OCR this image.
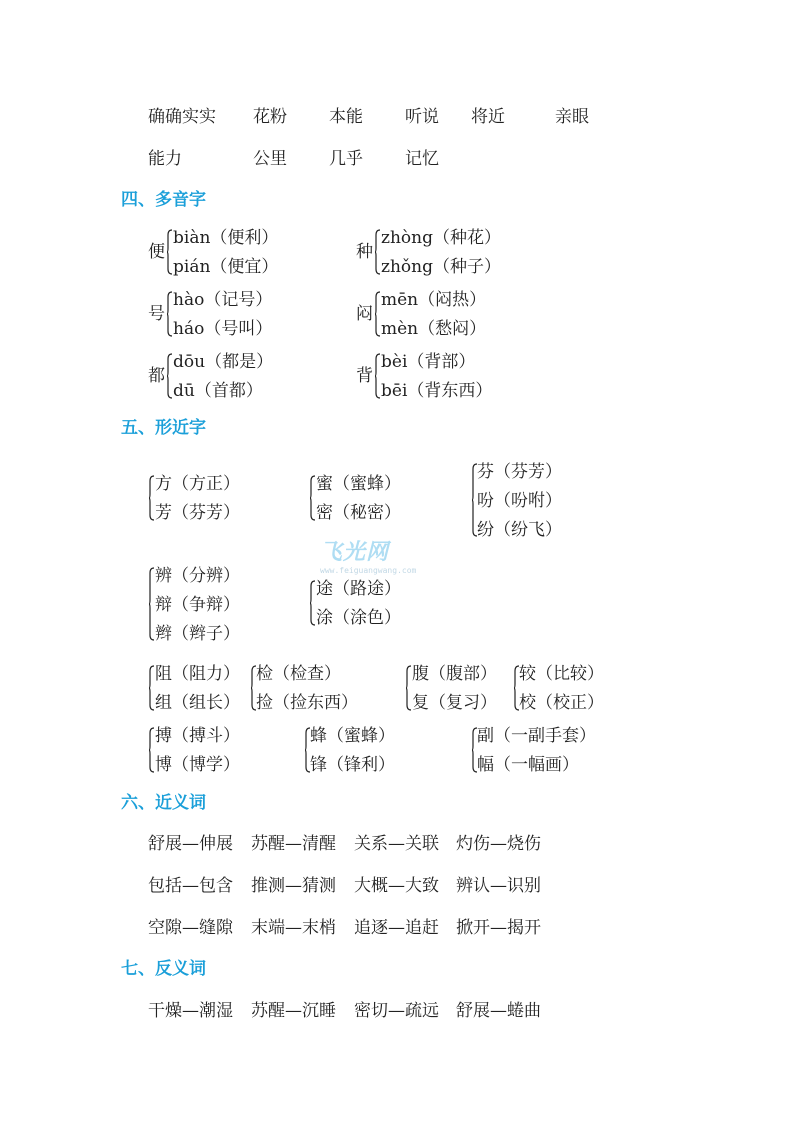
确确实实 花粉 本能 听说 将近	亲眼
能力	公里 几乎 记忆
四、多音字
便
biàn（便利）
pián（便宜）
种
zhòng（种花）
zhǒng（种子）
号
hào（记号）
háo（号叫）
闷
mēn（闷热）
mèn（愁闷）
都
dōu（都是）
dū（首都）
背
bèi（背部）
bēi（背东西）
五、形近字
方（方正）
芳（芬芳）
蜜（蜜蜂）
密（秘密）
芬（芬芳）
吩（吩咐）
纷（纷飞）
辨（分辨）
辩（争辩）
辫（辫子）
途（路途）
涂（涂色）
飞光网
www.feiguangwang.com
阻（阻力）
组（组长）
检（检查）
捡（捡东西）
腹（腹部）
复（复习）
较（比较）
校（校正）
搏（搏斗）
博（博学）
蜂（蜜蜂）
锋（锋利）
副（一副手套）
幅（一幅画）
六、近义词
舒展—伸展 苏醒—清醒 关系—关联 灼伤—烧伤
包括—包含 推测—猜测 大概—大致 辨认—识别
空隙—缝隙 末端—末梢 追逐—追赶 掀开—揭开
七、反义词
干燥—潮湿 苏醒—沉睡 密切—疏远 舒展—蜷曲
